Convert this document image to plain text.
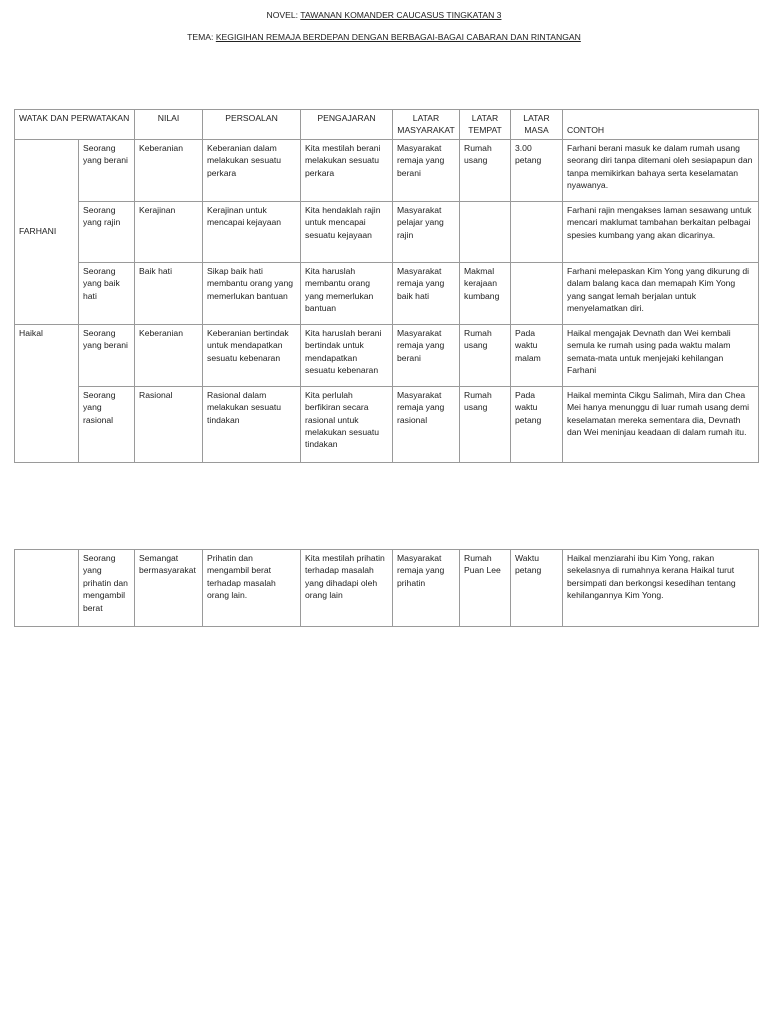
NOVEL: TAWANAN KOMANDER CAUCASUS TINGKATAN 3
TEMA: KEGIGIHAN REMAJA BERDEPAN DENGAN BERBAGAI-BAGAI CABARAN DAN RINTANGAN
WATAK DAN PERWATAKAN		NILAI	PERSOALAN	PENGAJARAN	LATAR MASYARAKAT	LATAR TEMPAT	LATAR MASA	CONTOH
FARHANI	Seorang yang berani	Keberanian	Keberanian dalam melakukan sesuatu perkara	Kita mestilah berani melakukan sesuatu perkara	Masyarakat remaja yang berani	Rumah usang	3.00 petang	Farhani berani masuk ke dalam rumah usang seorang diri tanpa ditemani oleh sesiapapun dan tanpa memikirkan bahaya serta keselamatan nyawanya.
	Seorang yang rajin	Kerajinan	Kerajinan untuk mencapai kejayaan	Kita hendaklah rajin untuk mencapai sesuatu kejayaan	Masyarakat pelajar yang rajin			Farhani rajin mengakses laman sesawang untuk mencari maklumat tambahan berkaitan pelbagai spesies kumbang yang akan dicarinya.
	Seorang yang baik hati	Baik hati	Sikap baik hati membantu orang yang memerlukan bantuan	Kita haruslah membantu orang yang memerlukan bantuan	Masyarakat remaja yang baik hati	Makmal kerajaan kumbang		Farhani melepaskan Kim Yong yang dikurung di dalam balang kaca dan memapah Kim Yong yang sangat lemah berjalan untuk menyelamatkan diri.
Haikal	Seorang yang berani	Keberanian	Keberanian bertindak untuk mendapatkan sesuatu kebenaran	Kita haruslah berani bertindak untuk mendapatkan sesuatu kebenaran	Masyarakat remaja yang berani	Rumah usang	Pada waktu malam	Haikal mengajak Devnath dan Wei kembali semula ke rumah using pada waktu malam semata-mata untuk menjejaki kehilangan Farhani
	Seorang yang rasional	Rasional	Rasional dalam melakukan sesuatu tindakan	Kita perlulah berfikiran secara rasional untuk melakukan sesuatu tindakan	Masyarakat remaja yang rasional	Rumah usang	Pada waktu petang	Haikal meminta Cikgu Salimah, Mira dan Chea Mei hanya menunggu di luar rumah usang demi keselamatan mereka sementara dia, Devnath dan Wei meninjau keadaan di dalam rumah itu.
	Seorang yang prihatin dan mengambil berat	Semangat bermasyarakat	Prihatin dan mengambil berat terhadap masalah orang lain.	Kita mestilah prihatin terhadap masalah yang dihadapi oleh orang lain	Masyarakat remaja yang prihatin	Rumah Puan Lee	Waktu petang	Haikal menziarahi ibu Kim Yong, rakan sekelasnya di rumahnya kerana Haikal turut bersimpati dan berkongsi kesedihan tentang kehilangannya Kim Yong.
